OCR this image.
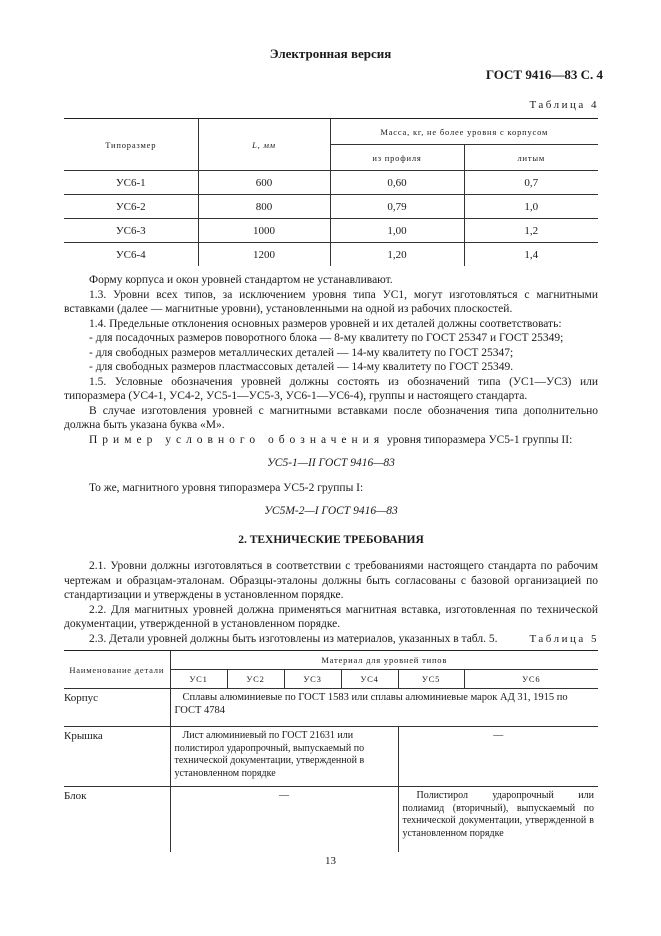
Электронная версия
ГОСТ 9416—83 С. 4
Таблица 4
Типоразмер	L, мм	Масса, кг, не более уровня с корпусом	
		из профиля	литым
УС6-1	600	0,60	0,7
УС6-2	800	0,79	1,0
УС6-3	1000	1,00	1,2
УС6-4	1200	1,20	1,4

Форму корпуса и окон уровней стандартом не устанавливают.

1.3. Уровни всех типов, за исключением уровня типа УС1, могут изготовляться с магнитными вставками (далее — магнитные уровни), установленными на одной из рабочих плоскостей.

1.4. Предельные отклонения основных размеров уровней и их деталей должны соответствовать:

- для посадочных размеров поворотного блока — 8-му квалитету по ГОСТ 25347 и ГОСТ 25349;

- для свободных размеров металлических деталей — 14-му квалитету по ГОСТ 25347;

- для свободных размеров пластмассовых деталей — 14-му квалитету по ГОСТ 25349.

1.5. Условные обозначения уровней должны состоять из обозначений типа (УС1—УС3) или типоразмера (УС4-1, УС4-2, УС5-1—УС5-3, УС6-1—УС6-4), группы и настоящего стандарта.

В случае изготовления уровней с магнитными вставками после обозначения типа дополнительно должна быть указана буква «М».

Пример условного обозначения уровня типоразмера УС5-1 группы II:

УС5-1—II ГОСТ 9416—83

То же, магнитного уровня типоразмера УС5-2 группы I:

УС5М-2—I ГОСТ 9416—83

2. ТЕХНИЧЕСКИЕ ТРЕБОВАНИЯ

2.1. Уровни должны изготовляться в соответствии с требованиями настоящего стандарта по рабочим чертежам и образцам-эталонам. Образцы-эталоны должны быть согласованы с базовой организацией по стандартизации и утверждены в установленном порядке.

2.2. Для магнитных уровней должна применяться магнитная вставка, изготовленная по технической документации, утвержденной в установленном порядке.

2.3. Детали уровней должны быть изготовлены из материалов, указанных в табл. 5.	Таблица 5
Наименование детали	Материал для уровней типов					
	УС1	УС2	УС3	УС4	УС5	УС6
Корпус	Сплавы алюминиевые по ГОСТ 1583 или сплавы алюминиевые марок АД 31, 1915 по ГОСТ 4784					
Крышка	Лист алюминиевый по ГОСТ 21631 или полистирол ударопрочный, выпускаемый по технической документации, утвержденной в установленном порядке				—	
Блок	—				Полистирол ударопрочный или полиамид (вторичный), выпускаемый по технической документации, утвержденной в установленном порядке	
13
